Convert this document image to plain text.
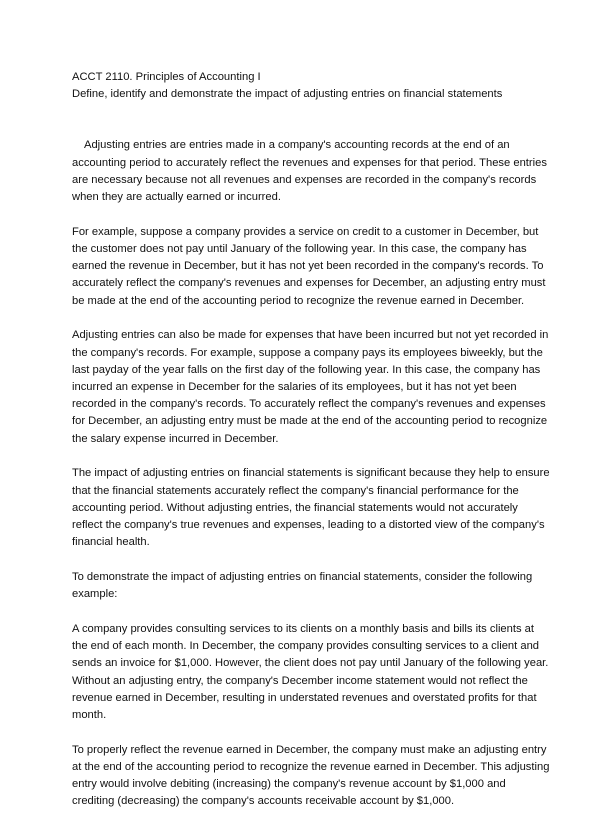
ACCT 2110. Principles of Accounting I

Define, identify and demonstrate the impact of adjusting entries on financial statements

Adjusting entries are entries made in a company's accounting records at the end of an accounting period to accurately reflect the revenues and expenses for that period. These entries are necessary because not all revenues and expenses are recorded in the company's records when they are actually earned or incurred.

For example, suppose a company provides a service on credit to a customer in December, but the customer does not pay until January of the following year. In this case, the company has earned the revenue in December, but it has not yet been recorded in the company's records. To accurately reflect the company's revenues and expenses for December, an adjusting entry must be made at the end of the accounting period to recognize the revenue earned in December.

Adjusting entries can also be made for expenses that have been incurred but not yet recorded in the company's records. For example, suppose a company pays its employees biweekly, but the last payday of the year falls on the first day of the following year. In this case, the company has incurred an expense in December for the salaries of its employees, but it has not yet been recorded in the company's records. To accurately reflect the company's revenues and expenses for December, an adjusting entry must be made at the end of the accounting period to recognize the salary expense incurred in December.

The impact of adjusting entries on financial statements is significant because they help to ensure that the financial statements accurately reflect the company's financial performance for the accounting period. Without adjusting entries, the financial statements would not accurately reflect the company's true revenues and expenses, leading to a distorted view of the company's financial health.

To demonstrate the impact of adjusting entries on financial statements, consider the following example:

A company provides consulting services to its clients on a monthly basis and bills its clients at the end of each month. In December, the company provides consulting services to a client and sends an invoice for $1,000. However, the client does not pay until January of the following year. Without an adjusting entry, the company's December income statement would not reflect the revenue earned in December, resulting in understated revenues and overstated profits for that month.

To properly reflect the revenue earned in December, the company must make an adjusting entry at the end of the accounting period to recognize the revenue earned in December. This adjusting entry would involve debiting (increasing) the company's revenue account by $1,000 and crediting (decreasing) the company's accounts receivable account by $1,000.
